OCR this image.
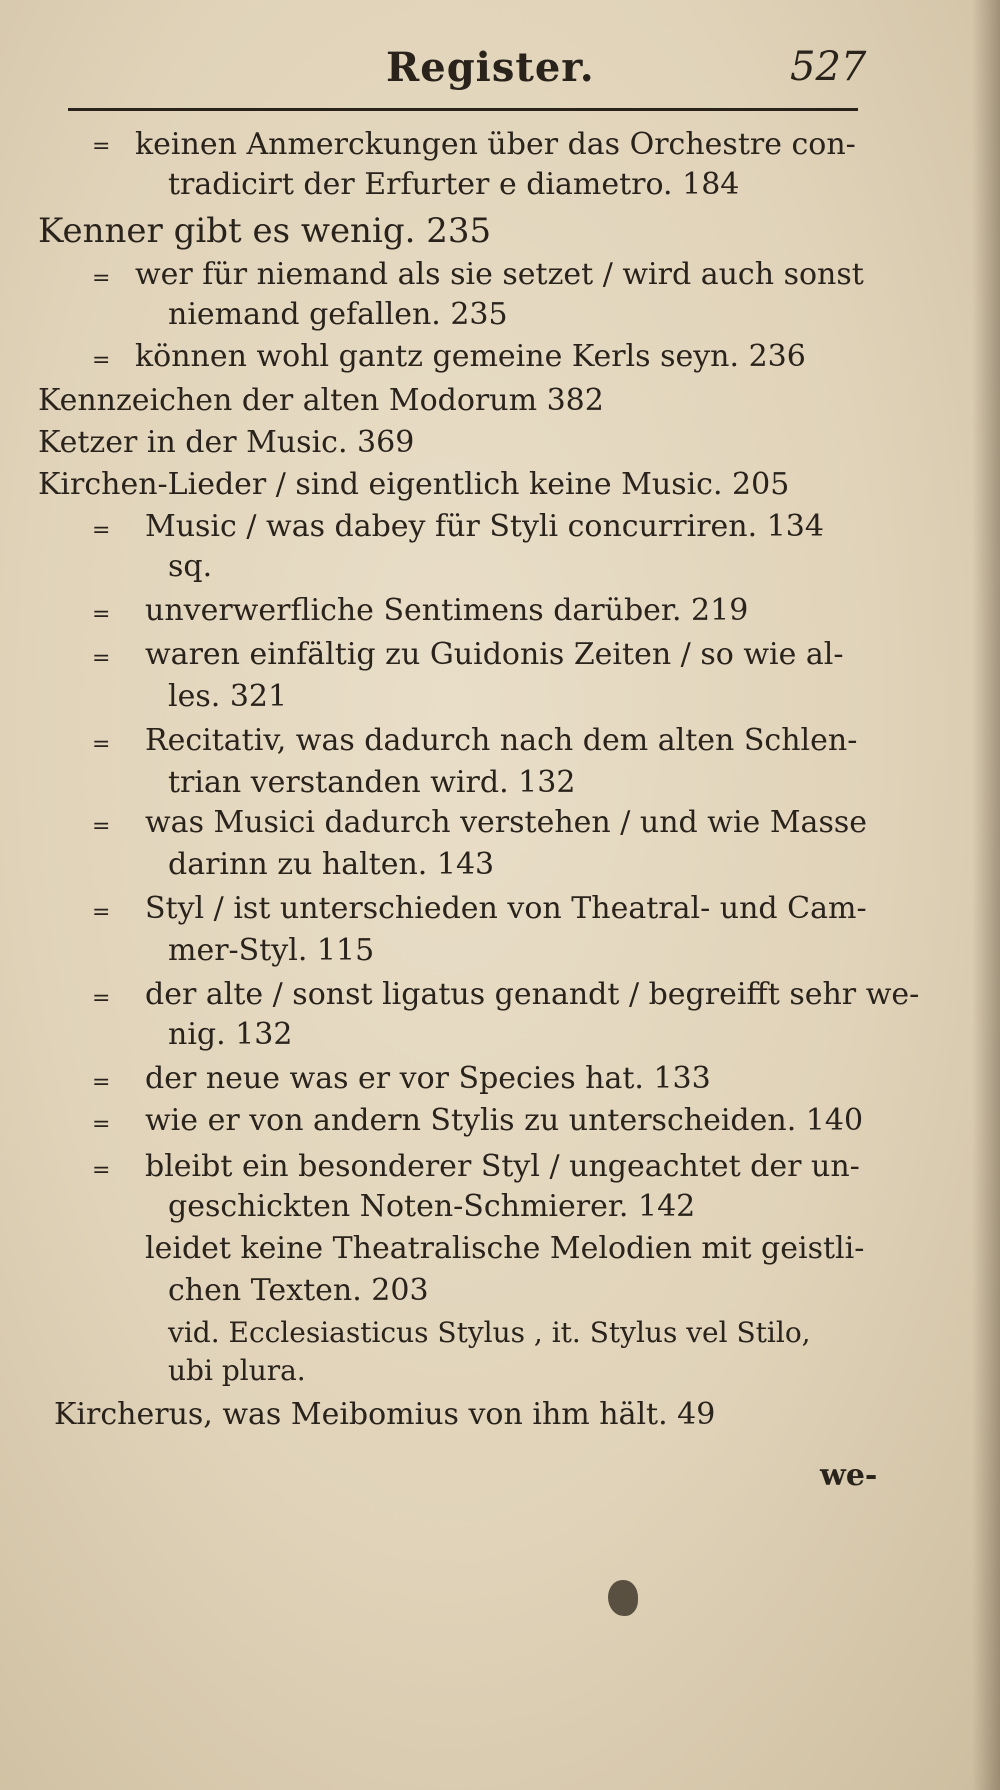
Register.	527
= keinen Anmerckungen über das Orchestre con-
tradicirt der Erfurter e diametro. 184
Kenner gibt es wenig. 235
= wer für niemand als sie setzet / wird auch sonst
niemand gefallen. 235
= können wohl gantz gemeine Kerls seyn. 236
Kennzeichen der alten Modorum 382
Ketzer in der Music. 369
Kirchen-Lieder / sind eigentlich keine Music. 205
= Music / was dabey für Styli concurriren. 134
sq.
= unverwerfliche Sentimens darüber. 219
= waren einfältig zu Guidonis Zeiten / so wie al-
les. 321
= Recitativ, was dadurch nach dem alten Schlen-
trian verstanden wird. 132
= was Musici dadurch verstehen / und wie Masse
darinn zu halten. 143
= Styl / ist unterschieden von Theatral- und Cam-
mer-Styl. 115
= der alte / sonst ligatus genandt / begreifft sehr we-
nig. 132
= der neue was er vor Species hat. 133
= wie er von andern Stylis zu unterscheiden. 140
= bleibt ein besonderer Styl / ungeachtet der un-
geschickten Noten-Schmierer. 142
leidet keine Theatralische Melodien mit geistli-
chen Texten. 203
vid. Ecclesiasticus Stylus , it. Stylus vel Stilo,
ubi plura.
Kircherus, was Meibomius von ihm hält. 49
we-
